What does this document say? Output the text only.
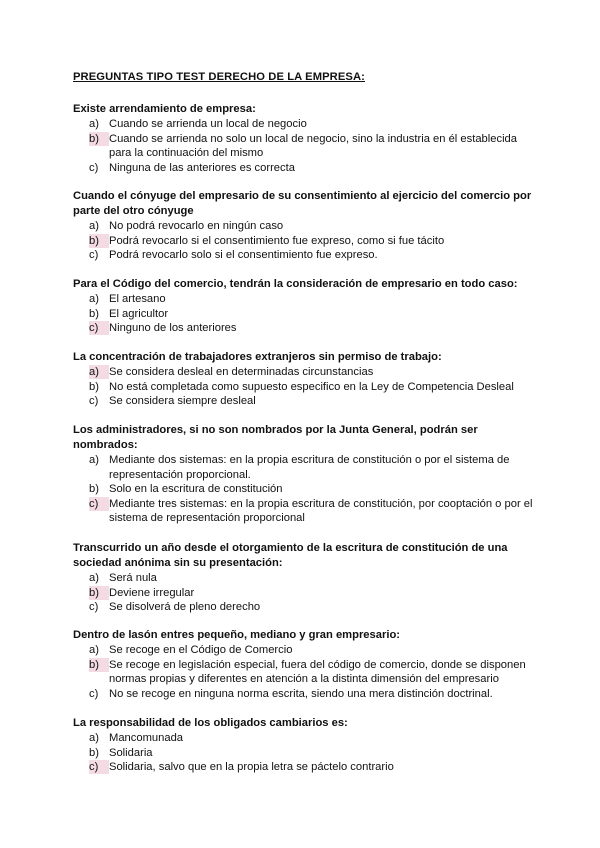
PREGUNTAS TIPO TEST DERECHO DE LA EMPRESA:

Existe arrendamiento de empresa:

a) Cuando se arrienda un local de negocio
b) Cuando se arrienda no solo un local de negocio, sino la industria en él establecida para la continuación del mismo
c) Ninguna de las anteriores es correcta

Cuando el cónyuge del empresario de su consentimiento al ejercicio del comercio por parte del otro cónyuge

a) No podrá revocarlo en ningún caso
b) Podrá revocarlo si el consentimiento fue expreso, como si fue tácito
c) Podrá revocarlo solo si el consentimiento fue expreso.

Para el Código del comercio, tendrán la consideración de empresario en todo caso:

a) El artesano
b) El agricultor
c) Ninguno de los anteriores

La concentración de trabajadores extranjeros sin permiso de trabajo:

a) Se considera desleal en determinadas circunstancias
b) No está completada como supuesto especifico en la Ley de Competencia Desleal
c) Se considera siempre desleal

Los administradores, si no son nombrados por la Junta General, podrán ser nombrados:

a) Mediante dos sistemas: en la propia escritura de constitución o por el sistema de representación proporcional.
b) Solo en la escritura de constitución
c) Mediante tres sistemas: en la propia escritura de constitución, por cooptación o por el sistema de representación proporcional

Transcurrido un año desde el otorgamiento de la escritura de constitución de una sociedad anónima sin su presentación:

a) Será nula
b) Deviene irregular
c) Se disolverá de pleno derecho

Dentro de lasón entres pequeño, mediano y gran empresario:

a) Se recoge en el Código de Comercio
b) Se recoge en legislación especial, fuera del código de comercio, donde se disponen normas propias y diferentes en atención a la distinta dimensión del empresario
c) No se recoge en ninguna norma escrita, siendo una mera distinción doctrinal.

La responsabilidad de los obligados cambiarios es:

a) Mancomunada
b) Solidaria
c) Solidaria, salvo que en la propia letra se páctelo contrario
